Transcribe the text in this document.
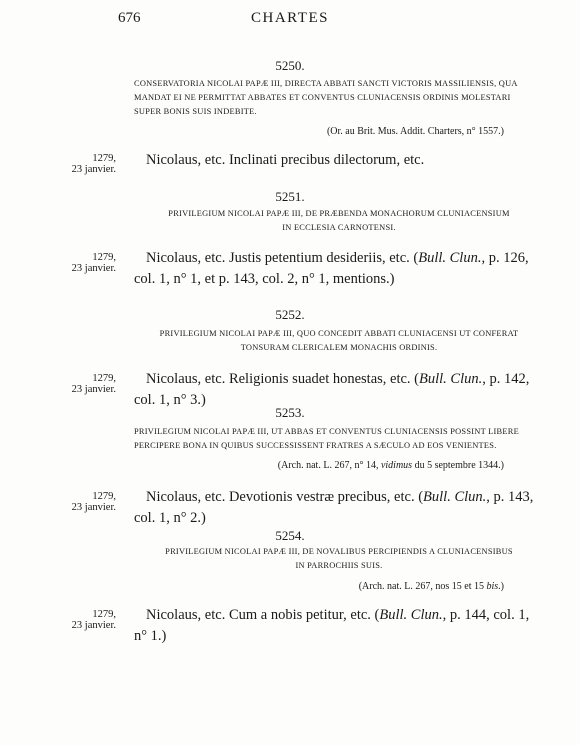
676	CHARTES
5250.
CONSERVATORIA NICOLAI PAPÆ III, DIRECTA ABBATI SANCTI VICTORIS MASSILIENSIS, QUA
MANDAT EI NE PERMITTAT ABBATES ET CONVENTUS CLUNIACENSIS ORDINIS MOLESTARI
SUPER BONIS SUIS INDEBITE.
(Or. au Brit. Mus. Addit. Charters, n° 1557.)
1279,
23 janvier.
Nicolaus, etc. Inclinati precibus dilectorum, etc.
5251.
PRIVILEGIUM NICOLAI PAPÆ III, DE PRÆBENDA MONACHORUM CLUNIACENSIUM
IN ECCLESIA CARNOTENSI.
1279,
23 janvier.
Nicolaus, etc. Justis petentium desideriis, etc. (Bull. Clun., p. 126,
col. 1, n° 1, et p. 143, col. 2, n° 1, mentions.)
5252.
PRIVILEGIUM NICOLAI PAPÆ III, QUO CONCEDIT ABBATI CLUNIACENSI UT CONFERAT
TONSURAM CLERICALEM MONACHIS ORDINIS.
1279,
23 janvier.
Nicolaus, etc. Religionis suadet honestas, etc. (Bull. Clun., p. 142,
col. 1, n° 3.)
5253.
PRIVILEGIUM NICOLAI PAPÆ III, UT ABBAS ET CONVENTUS CLUNIACENSIS POSSINT LIBERE
PERCIPERE BONA IN QUIBUS SUCCESSISSENT FRATRES A SÆCULO AD EOS VENIENTES.
(Arch. nat. L. 267, n° 14, vidimus du 5 septembre 1344.)
1279,
23 janvier.
Nicolaus, etc. Devotionis vestræ precibus, etc. (Bull. Clun., p. 143,
col. 1, n° 2.)
5254.
PRIVILEGIUM NICOLAI PAPÆ III, DE NOVALIBUS PERCIPIENDIS A CLUNIACENSIBUS
IN PARROCHIIS SUIS.
(Arch. nat. L. 267, nos 15 et 15 bis.)
1279,
23 janvier.
Nicolaus, etc. Cum a nobis petitur, etc. (Bull. Clun., p. 144, col. 1,
n° 1.)
